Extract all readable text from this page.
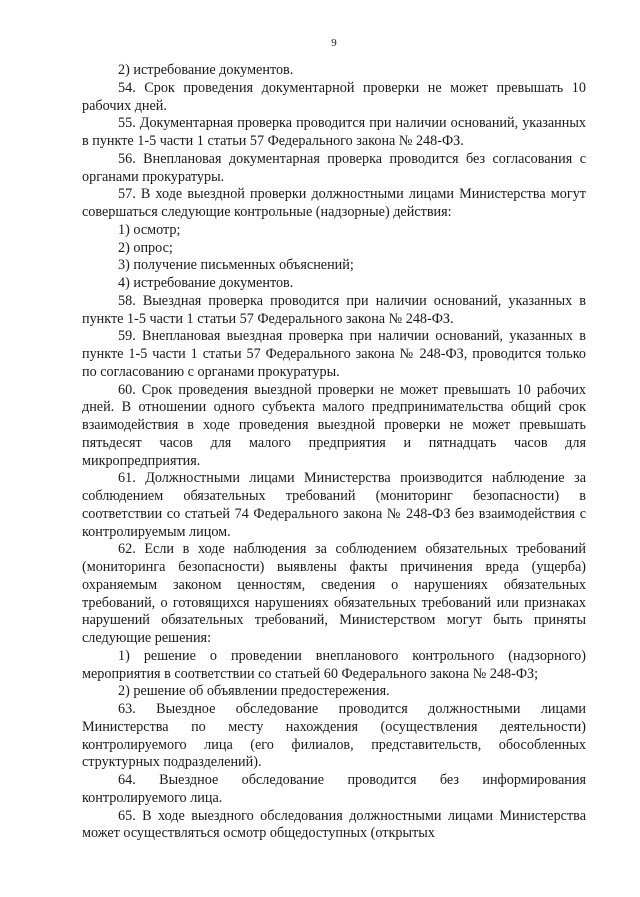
9

2) истребование документов.

54. Срок проведения документарной проверки не может превышать 10 рабочих дней.

55. Документарная проверка проводится при наличии оснований, указанных в пункте 1-5 части 1 статьи 57 Федерального закона № 248-ФЗ.

56. Внеплановая документарная проверка проводится без согласования с органами прокуратуры.

57. В ходе выездной проверки должностными лицами Министерства могут совершаться следующие контрольные (надзорные) действия:

1) осмотр;

2) опрос;

3) получение письменных объяснений;

4) истребование документов.

58. Выездная проверка проводится при наличии оснований, указанных в пункте 1-5 части 1 статьи 57 Федерального закона № 248-ФЗ.

59. Внеплановая выездная проверка при наличии оснований, указанных в пункте 1-5 части 1 статьи 57 Федерального закона № 248-ФЗ, проводится только по согласованию с органами прокуратуры.

60. Срок проведения выездной проверки не может превышать 10 рабочих дней. В отношении одного субъекта малого предпринимательства общий срок взаимодействия в ходе проведения выездной проверки не может превышать пятьдесят часов для малого предприятия и пятнадцать часов для микропредприятия.

61. Должностными лицами Министерства производится наблюдение за соблюдением обязательных требований (мониторинг безопасности) в соответствии со статьей 74 Федерального закона № 248-ФЗ без взаимодействия с контролируемым лицом.

62. Если в ходе наблюдения за соблюдением обязательных требований (мониторинга безопасности) выявлены факты причинения вреда (ущерба) охраняемым законом ценностям, сведения о нарушениях обязательных требований, о готовящихся нарушениях обязательных требований или признаках нарушений обязательных требований, Министерством могут быть приняты следующие решения:

1) решение о проведении внепланового контрольного (надзорного) мероприятия в соответствии со статьей 60 Федерального закона № 248-ФЗ;

2) решение об объявлении предостережения.

63. Выездное обследование проводится должностными лицами Министерства по месту нахождения (осуществления деятельности) контролируемого лица (его филиалов, представительств, обособленных структурных подразделений).

64. Выездное обследование проводится без информирования контролируемого лица.

65. В ходе выездного обследования должностными лицами Министерства может осуществляться осмотр общедоступных (открытых
